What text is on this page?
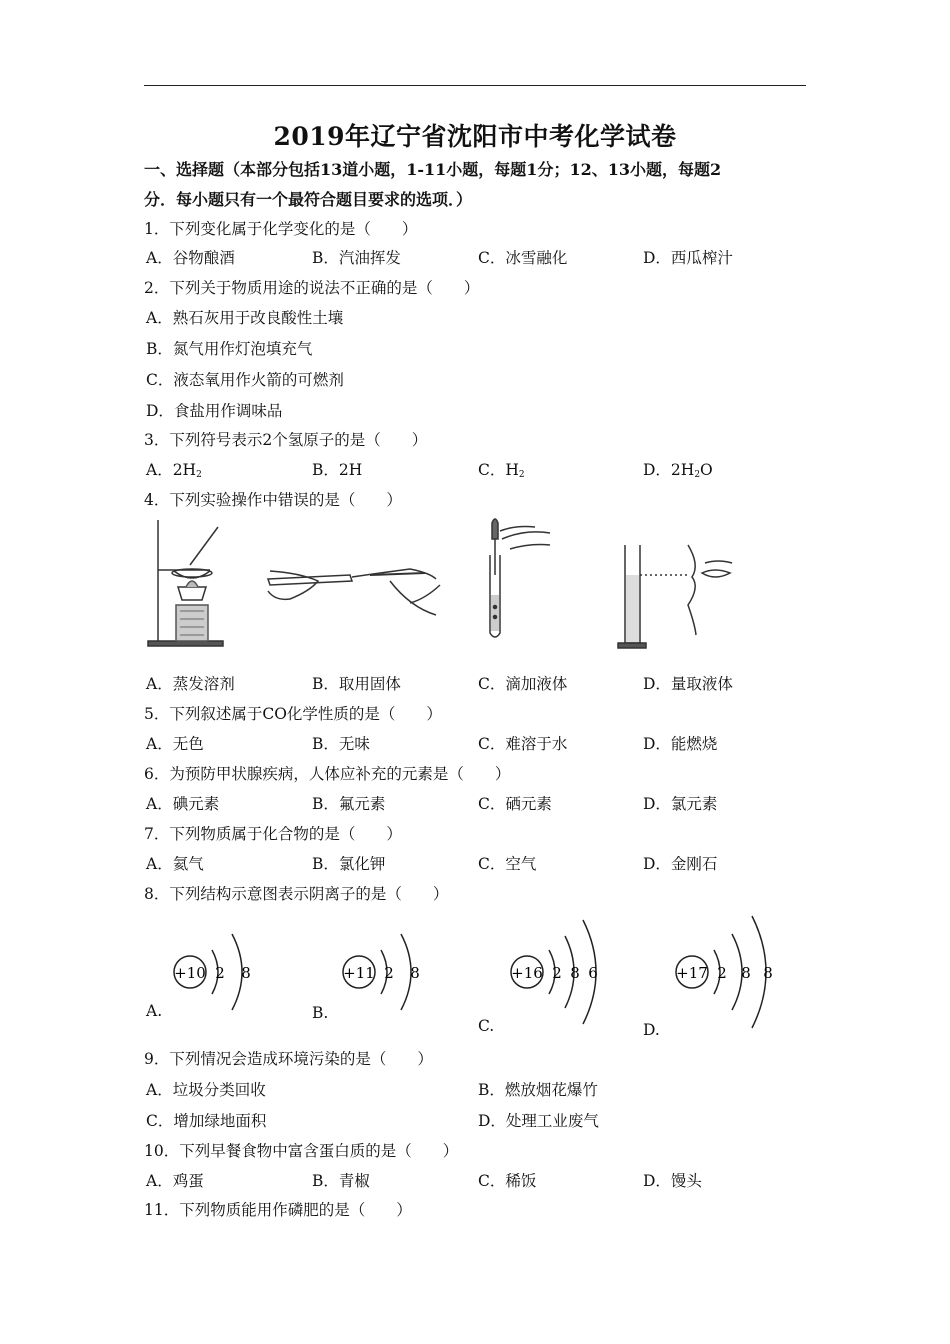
2019年辽宁省沈阳市中考化学试卷
一、选择题（本部分包括13道小题，1-11小题，每题1分；12、13小题，每题2
分．每小题只有一个最符合题目要求的选项．）
1．下列变化属于化学变化的是（　　）
A．谷物酿酒	B．汽油挥发	C．冰雪融化	D．西瓜榨汁
2．下列关于物质用途的说法不正确的是（　　）
A．熟石灰用于改良酸性土壤
B．氮气用作灯泡填充气
C．液态氧用作火箭的可燃剂
D．食盐用作调味品
3．下列符号表示2个氢原子的是（　　）
A．$2H_2$	B．2H	C．$H_2$	D．$2H_2O$
4．下列实验操作中错误的是（　　）
A．蒸发溶剂	B．取用固体	C．滴加液体	D．量取液体
5．下列叙述属于CO化学性质的是（　　）
A．无色	B．无味	C．难溶于水	D．能燃烧
6．为预防甲状腺疾病，人体应补充的元素是（　　）
A．碘元素	B．氟元素	C．硒元素	D．氯元素
7．下列物质属于化合物的是（　　）
A．氦气	B．氯化钾	C．空气	D．金刚石
8．下列结构示意图表示阴离子的是（　　）
+10 2 8
A.
+11 2 8
B.
+16 2 8 6
C.
+17 2 8 8
D.
9．下列情况会造成环境污染的是（　　）
A．垃圾分类回收	B．燃放烟花爆竹
C．增加绿地面积	D．处理工业废气
10．下列早餐食物中富含蛋白质的是（　　）
A．鸡蛋	B．青椒	C．稀饭	D．馒头
11．下列物质能用作磷肥的是（　　）
